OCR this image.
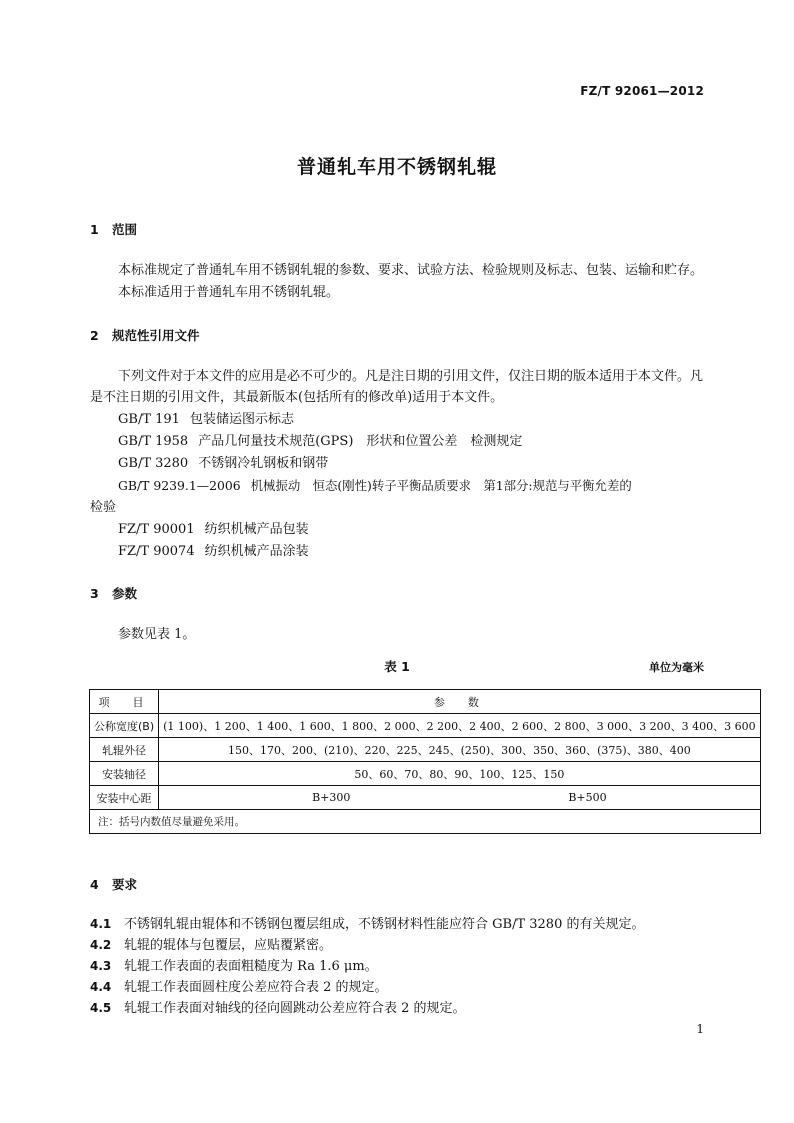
FZ/T 92061—2012
普通轧车用不锈钢轧辊
1 范围
本标准规定了普通轧车用不锈钢轧辊的参数、要求、试验方法、检验规则及标志、包装、运输和贮存。
本标准适用于普通轧车用不锈钢轧辊。
2 规范性引用文件
下列文件对于本文件的应用是必不可少的。凡是注日期的引用文件，仅注日期的版本适用于本文件。凡是不注日期的引用文件，其最新版本(包括所有的修改单)适用于本文件。
GB/T 191 包装储运图示标志
GB/T 1958 产品几何量技术规范(GPS)　形状和位置公差　检测规定
GB/T 3280 不锈钢冷轧钢板和钢带
GB/T 9239.1—2006 机械振动　恒态(刚性)转子平衡品质要求　第1部分:规范与平衡允差的
检验
FZ/T 90001 纺织机械产品包装
FZ/T 90074 纺织机械产品涂装
3 参数
参数见表 1。
表 1	单位为毫米
项　目	参　数
公称宽度(B)	(1 100)、1 200、1 400、1 600、1 800、2 000、2 200、2 400、2 600、2 800、3 000、3 200、3 400、3 600
轧辊外径	150、170、200、(210)、220、225、245、(250)、300、350、360、(375)、380、400
安装轴径	50、60、70、80、90、100、125、150
安装中心距	B+300 B+500

注：括号内数值尽量避免采用。	
4 要求
4.1 不锈钢轧辊由辊体和不锈钢包覆层组成，不锈钢材料性能应符合 GB/T 3280 的有关规定。
4.2 轧辊的辊体与包覆层，应贴覆紧密。
4.3 轧辊工作表面的表面粗糙度为 Ra 1.6 μm。
4.4 轧辊工作表面圆柱度公差应符合表 2 的规定。
4.5 轧辊工作表面对轴线的径向圆跳动公差应符合表 2 的规定。
1
